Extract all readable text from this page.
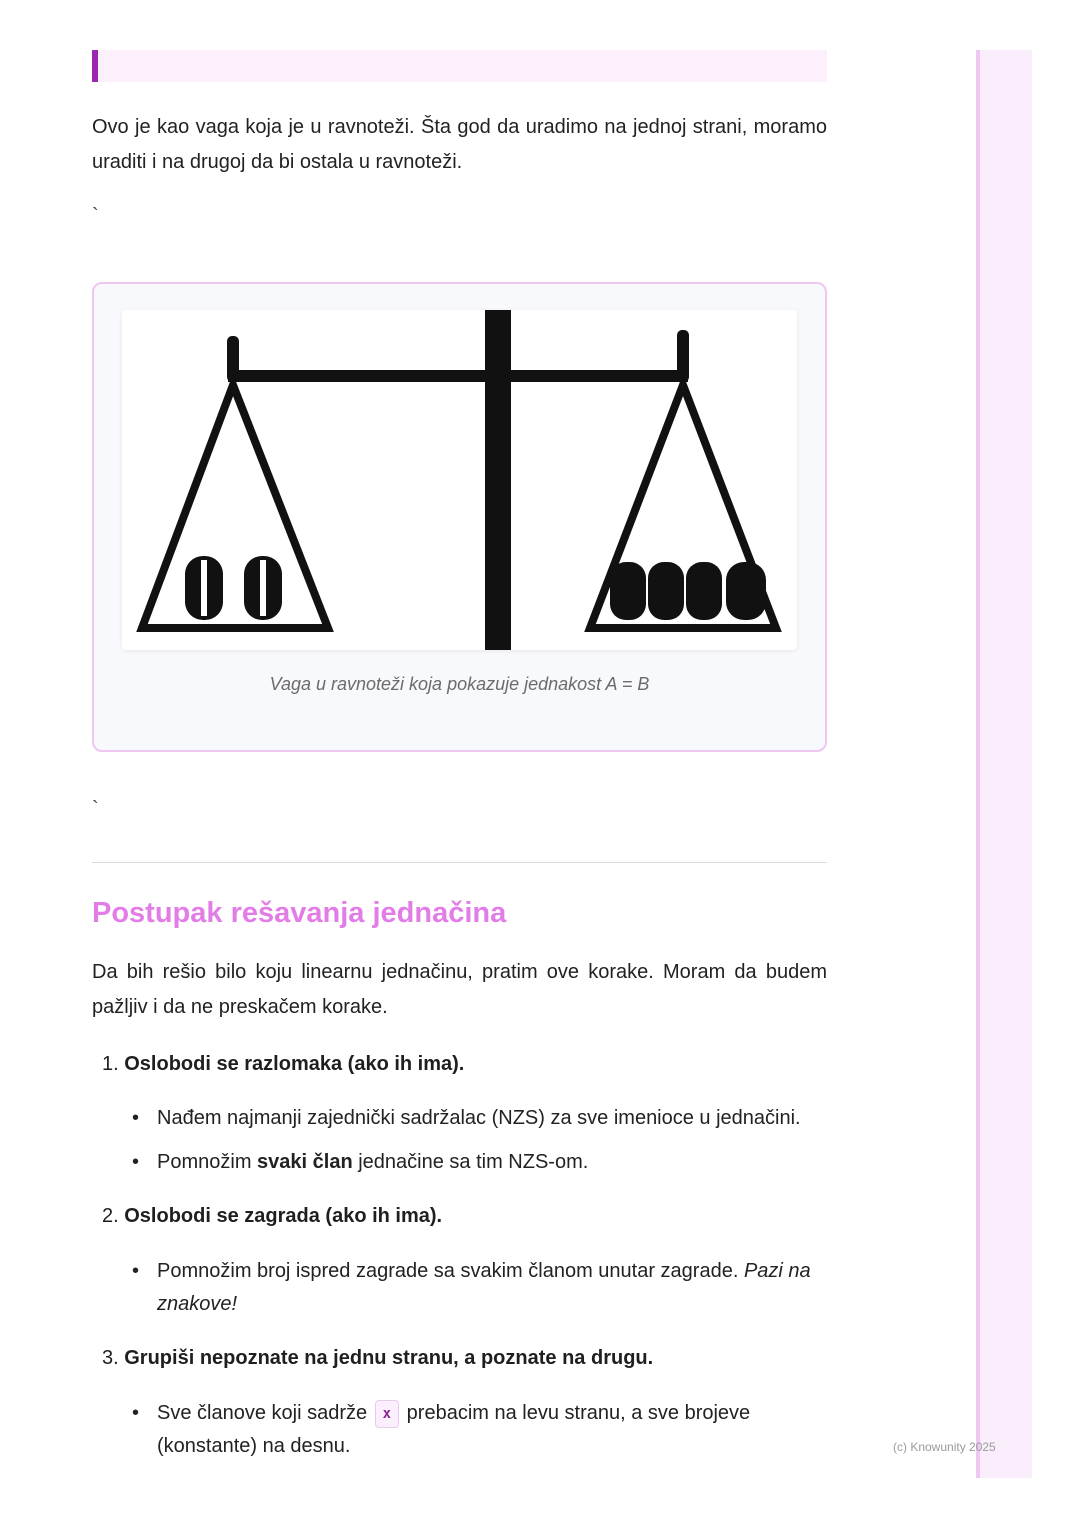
Ovo je kao vaga koja je u ravnoteži. Šta god da uradimo na jednoj strani, moramo uraditi i na drugoj da bi ostala u ravnoteži.
`
Vaga u ravnoteži koja pokazuje jednakost A = B
`
Postupak rešavanja jednačina
Da bih rešio bilo koju linearnu jednačinu, pratim ove korake. Moram da budem pažljiv i da ne preskačem korake.
1. Oslobodi se razlomaka (ako ih ima).
• Nađem najmanji zajednički sadržalac (NZS) za sve imenioce u jednačini.
• Pomnožim svaki član jednačine sa tim NZS-om.
2. Oslobodi se zagrada (ako ih ima).
• Pomnožim broj ispred zagrade sa svakim članom unutar zagrade. Pazi na znakove!
3. Grupiši nepoznate na jednu stranu, a poznate na drugu.
• Sve članove koji sadrže x prebacim na levu stranu, a sve brojeve (konstante) na desnu.	(c) Knowunity 2025
